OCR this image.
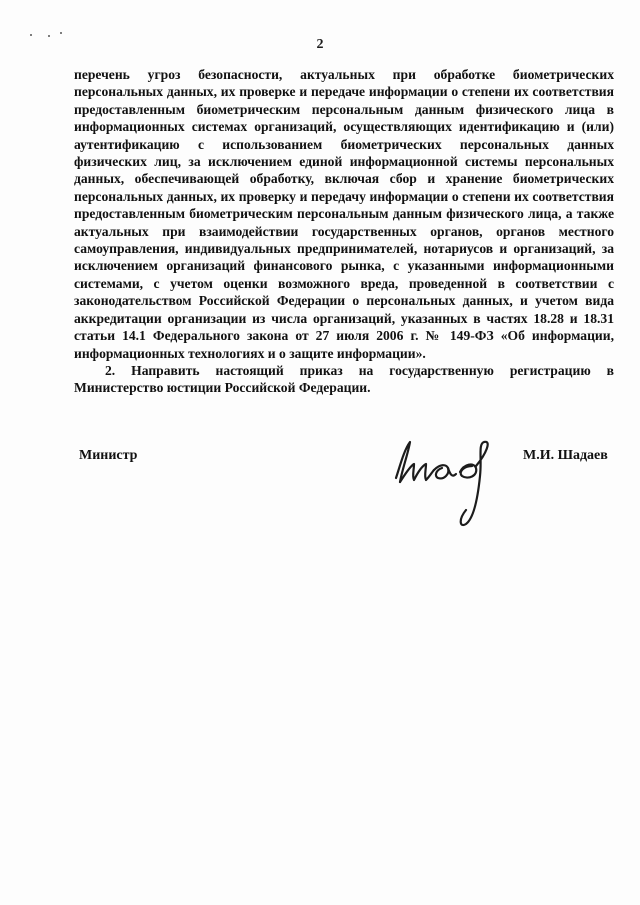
2

перечень угроз безопасности, актуальных при обработке биометрических персональных данных, их проверке и передаче информации о степени их соответствия предоставленным биометрическим персональным данным физического лица в информационных системах организаций, осуществляющих идентификацию и (или) аутентификацию с использованием биометрических персональных данных физических лиц, за исключением единой информационной системы персональных данных, обеспечивающей обработку, включая сбор и хранение биометрических персональных данных, их проверку и передачу информации о степени их соответствия предоставленным биометрическим персональным данным физического лица, а также актуальных при взаимодействии государственных органов, органов местного самоуправления, индивидуальных предпринимателей, нотариусов и организаций, за исключением организаций финансового рынка, с указанными информационными системами, с учетом оценки возможного вреда, проведенной в соответствии с законодательством Российской Федерации о персональных данных, и учетом вида аккредитации организации из числа организаций, указанных в частях 18.28 и 18.31 статьи 14.1 Федерального закона от 27 июля 2006 г. № 149-ФЗ «Об информации, информационных технологиях и о защите информации».

2. Направить настоящий приказ на государственную регистрацию в Министерство юстиции Российской Федерации.

Министр	М.И. Шадаев
